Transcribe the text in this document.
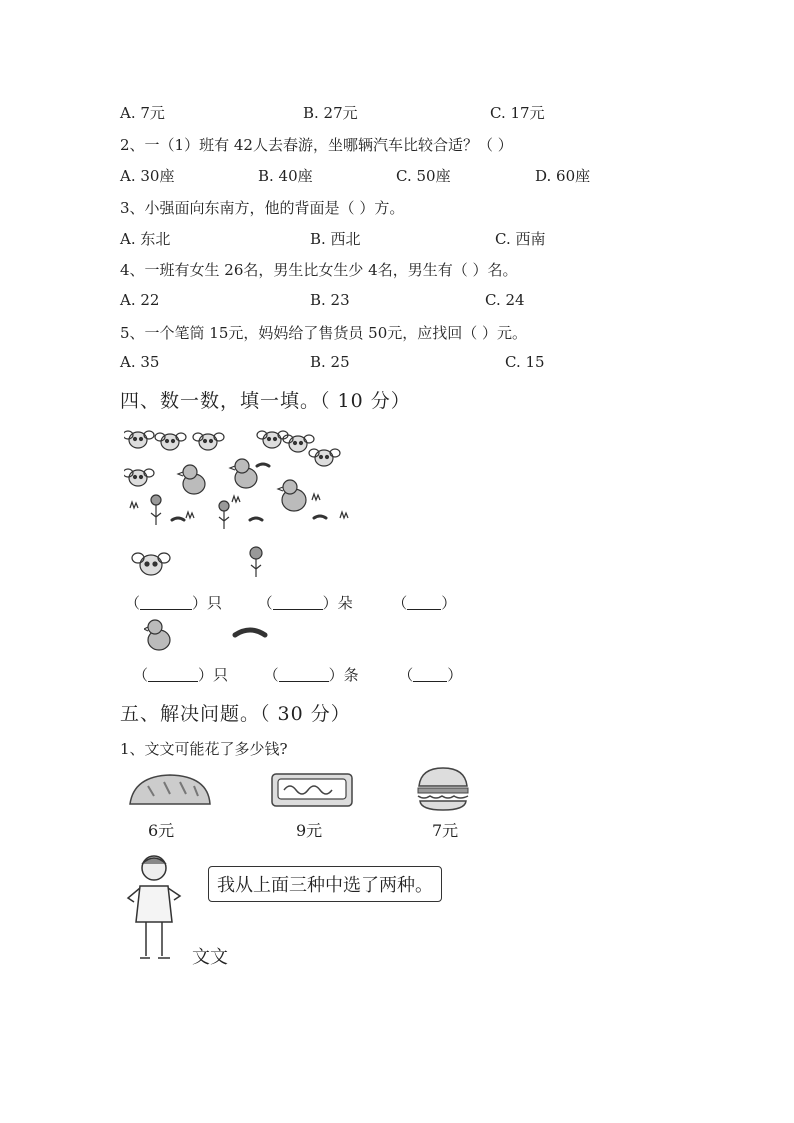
A. 7元	B. 27元	C. 17元
2、一（1）班有 42人去春游，坐哪辆汽车比较合适？（ ）
A. 30座	B. 40座	C. 50座	D. 60座
3、小强面向东南方，他的背面是（ ）方。
A. 东北	B. 西北	C. 西南
4、一班有女生 26名，男生比女生少 4名，男生有（ ）名。
A. 22	B. 23	C. 24
5、一个笔筒 15元，妈妈给了售货员 50元，应找回（ ）元。
A. 35	B. 25	C. 15
四、数一数，填一填。（ 10 分）
（	）只 （	）朵	（ ）
（	）只 （	）条	（ ）
五、解决问题。（ 30 分）
1、文文可能花了多少钱?
6元	9元	7元
我从上面三种中选了两种。
文文
